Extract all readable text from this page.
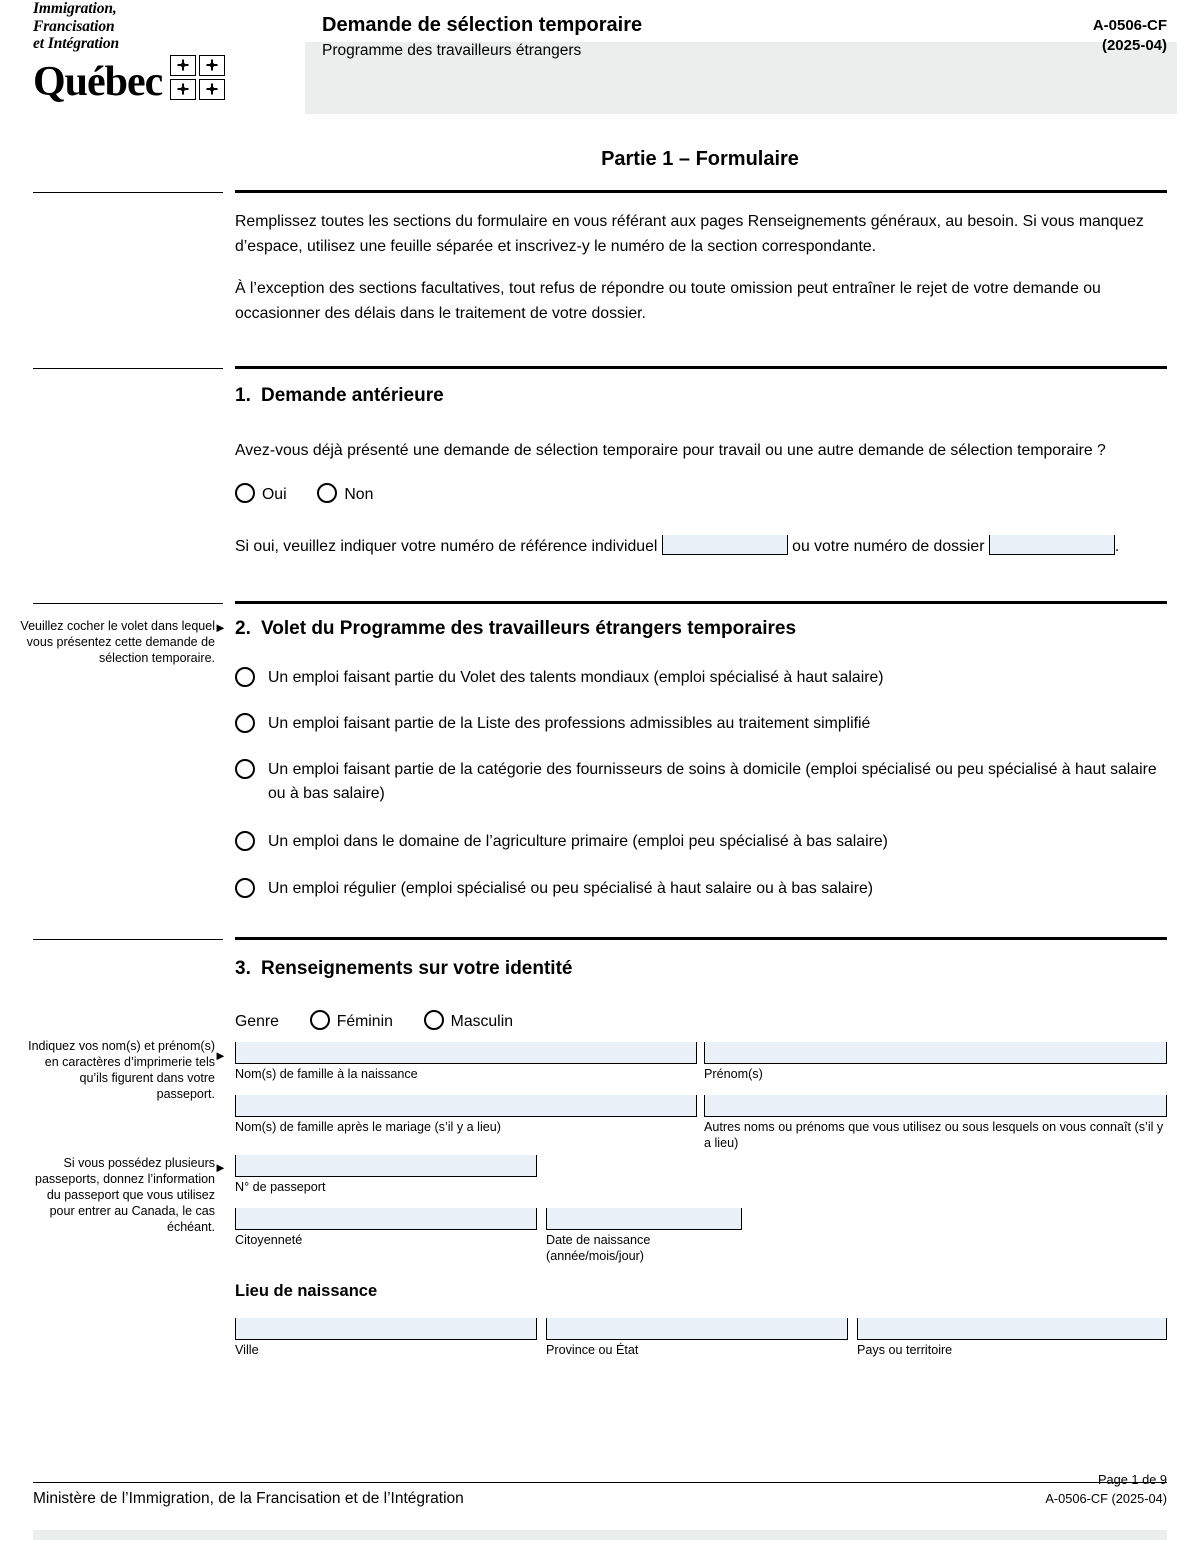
Immigration,
Francisation
et Intégration
Québec
Demande de sélection temporaire
Programme des travailleurs étrangers
A-0506-CF
(2025-04)
Partie 1 – Formulaire

Remplissez toutes les sections du formulaire en vous référant aux pages Renseignements généraux, au besoin. Si vous manquez d’espace, utilisez une feuille séparée et inscrivez-y le numéro de la section correspondante.

À l’exception des sections facultatives, tout refus de répondre ou toute omission peut entraîner le rejet de votre demande ou occasionner des délais dans le traitement de votre dossier.

1. Demande antérieure
Avez-vous déjà présenté une demande de sélection temporaire pour travail ou une autre demande de sélection temporaire ?
Oui	Non
Si oui, veuillez indiquer votre numéro de référence individuel	ou votre numéro de dossier	.
Veuillez cocher le volet dans lequel vous présentez cette demande de sélection temporaire.
► 2. Volet du Programme des travailleurs étrangers temporaires
Un emploi faisant partie du Volet des talents mondiaux (emploi spécialisé à haut salaire)
Un emploi faisant partie de la Liste des professions admissibles au traitement simplifié
Un emploi faisant partie de la catégorie des fournisseurs de soins à domicile (emploi spécialisé ou peu spécialisé à haut salaire ou à bas salaire)
Un emploi dans le domaine de l’agriculture primaire (emploi peu spécialisé à bas salaire)
Un emploi régulier (emploi spécialisé ou peu spécialisé à haut salaire ou à bas salaire)
3. Renseignements sur votre identité
Genre	Féminin	Masculin
Indiquez vos nom(s) et prénom(s) en caractères d’imprimerie tels qu’ils figurent dans votre passeport.
►
Nom(s) de famille à la naissance	Prénom(s)
Nom(s) de famille après le mariage (s’il y a lieu)	Autres noms ou prénoms que vous utilisez ou sous lesquels on vous connaît (s’il y a lieu)
Si vous possédez plusieurs passeports, donnez l’information du passeport que vous utilisez pour entrer au Canada, le cas échéant.
►
N° de passeport
Citoyenneté	Date de naissance (année/mois/jour)
Lieu de naissance
Ville	Province ou État	Pays ou territoire
Ministère de l’Immigration, de la Francisation et de l’Intégration
Page 1 de 9
A-0506-CF (2025-04)
